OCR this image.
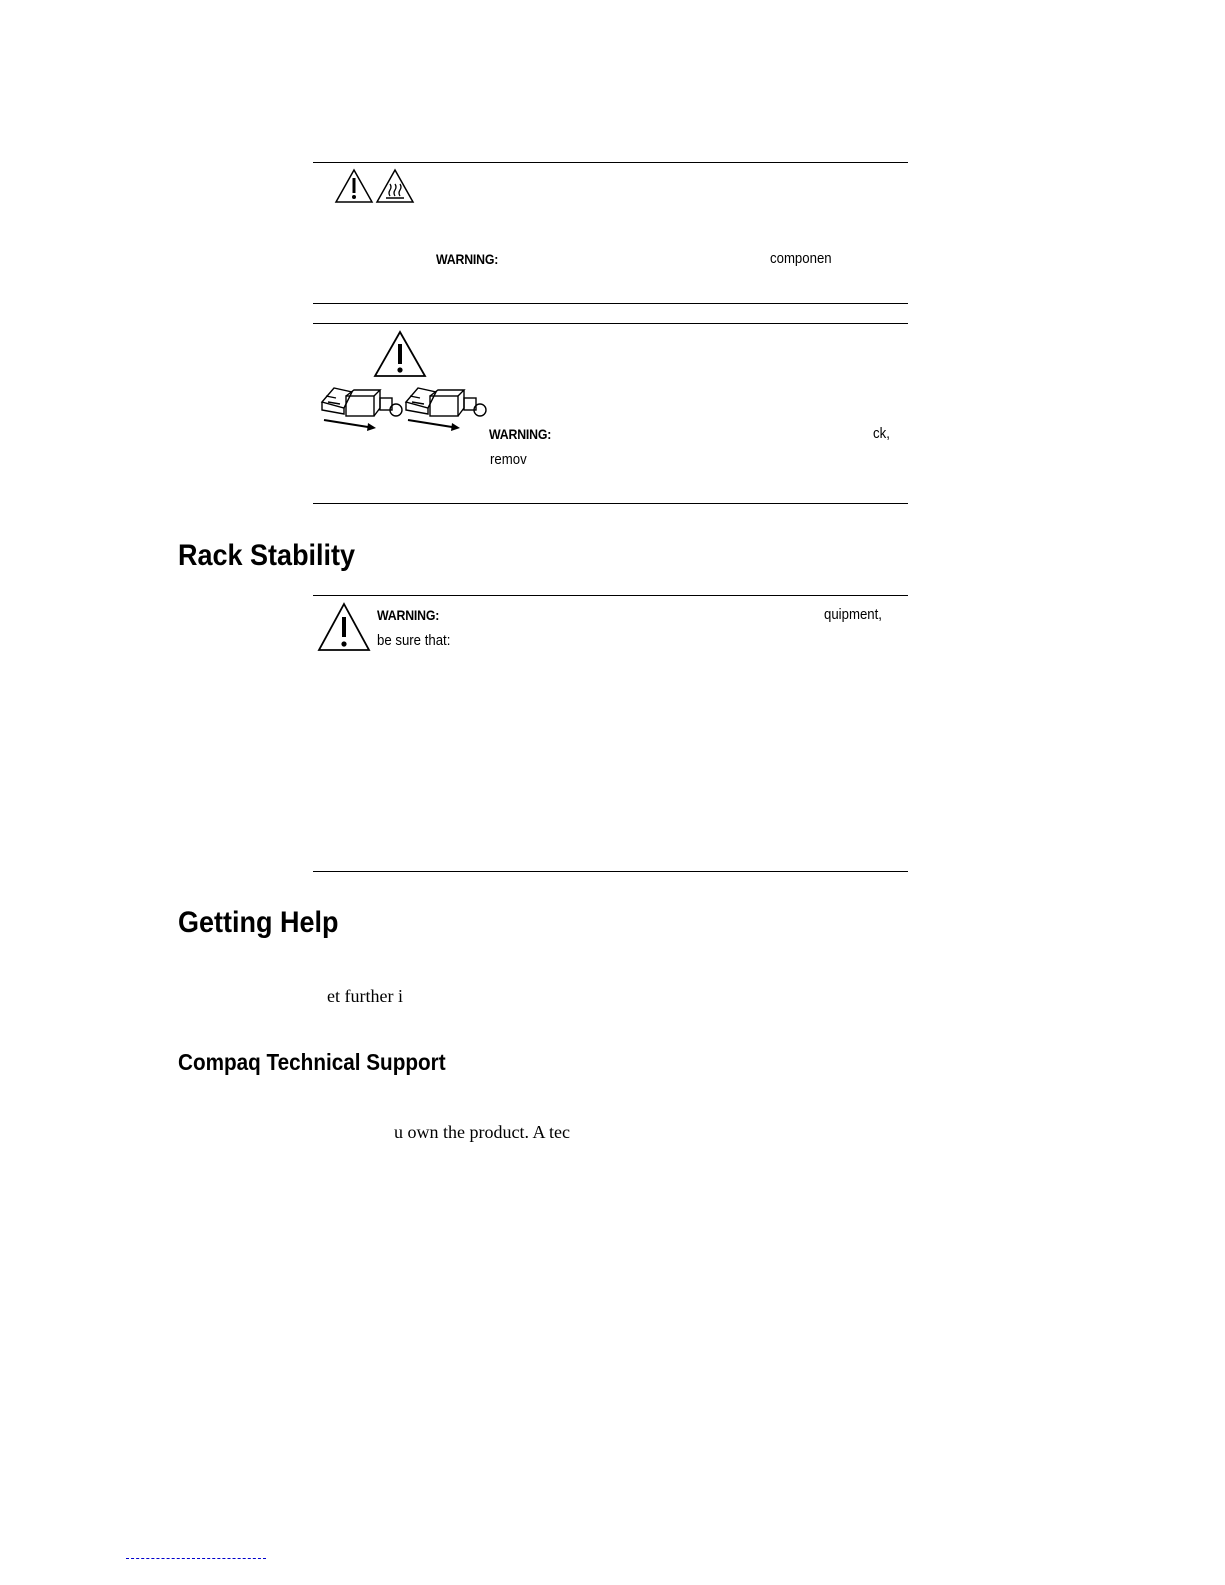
WARNING:	componen
WARNING:	ck,
remov
Rack Stability
WARNING:	quipment,
be sure that:
Getting Help
et further i
Compaq Technical Support
u own the product. A tec
